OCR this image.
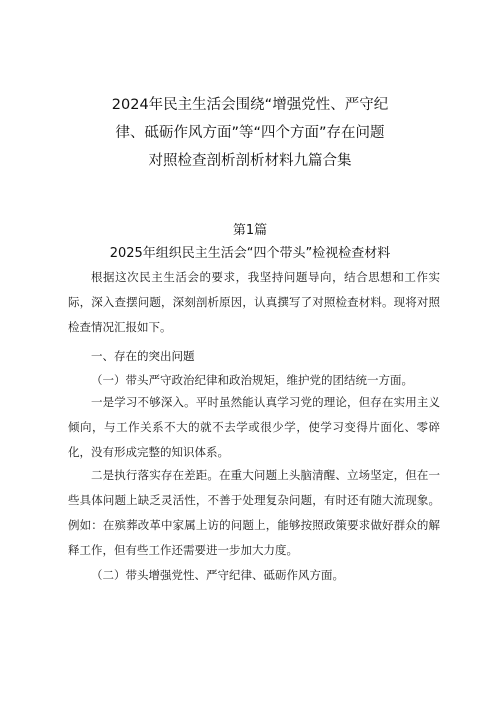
2024年民主生活会围绕“增强党性、严守纪
律、砥砺作风方面”等“四个方面”存在问题
对照检查剖析剖析材料九篇合集
第1篇
2025年组织民主生活会“四个带头”检视检查材料

根据这次民主生活会的要求，我坚持问题导向，结合思想和工作实际，深入查摆问题，深刻剖析原因，认真撰写了对照检查材料。现将对照检查情况汇报如下。

一、存在的突出问题
（一）带头严守政治纪律和政治规矩，维护党的团结统一方面。

一是学习不够深入。平时虽然能认真学习党的理论，但存在实用主义倾向，与工作关系不大的就不去学或很少学，使学习变得片面化、零碎化，没有形成完整的知识体系。

二是执行落实存在差距。在重大问题上头脑清醒、立场坚定，但在一些具体问题上缺乏灵活性，不善于处理复杂问题，有时还有随大流现象。例如：在殡葬改革中家属上访的问题上，能够按照政策要求做好群众的解释工作，但有些工作还需要进一步加大力度。

（二）带头增强党性、严守纪律、砥砺作风方面。
